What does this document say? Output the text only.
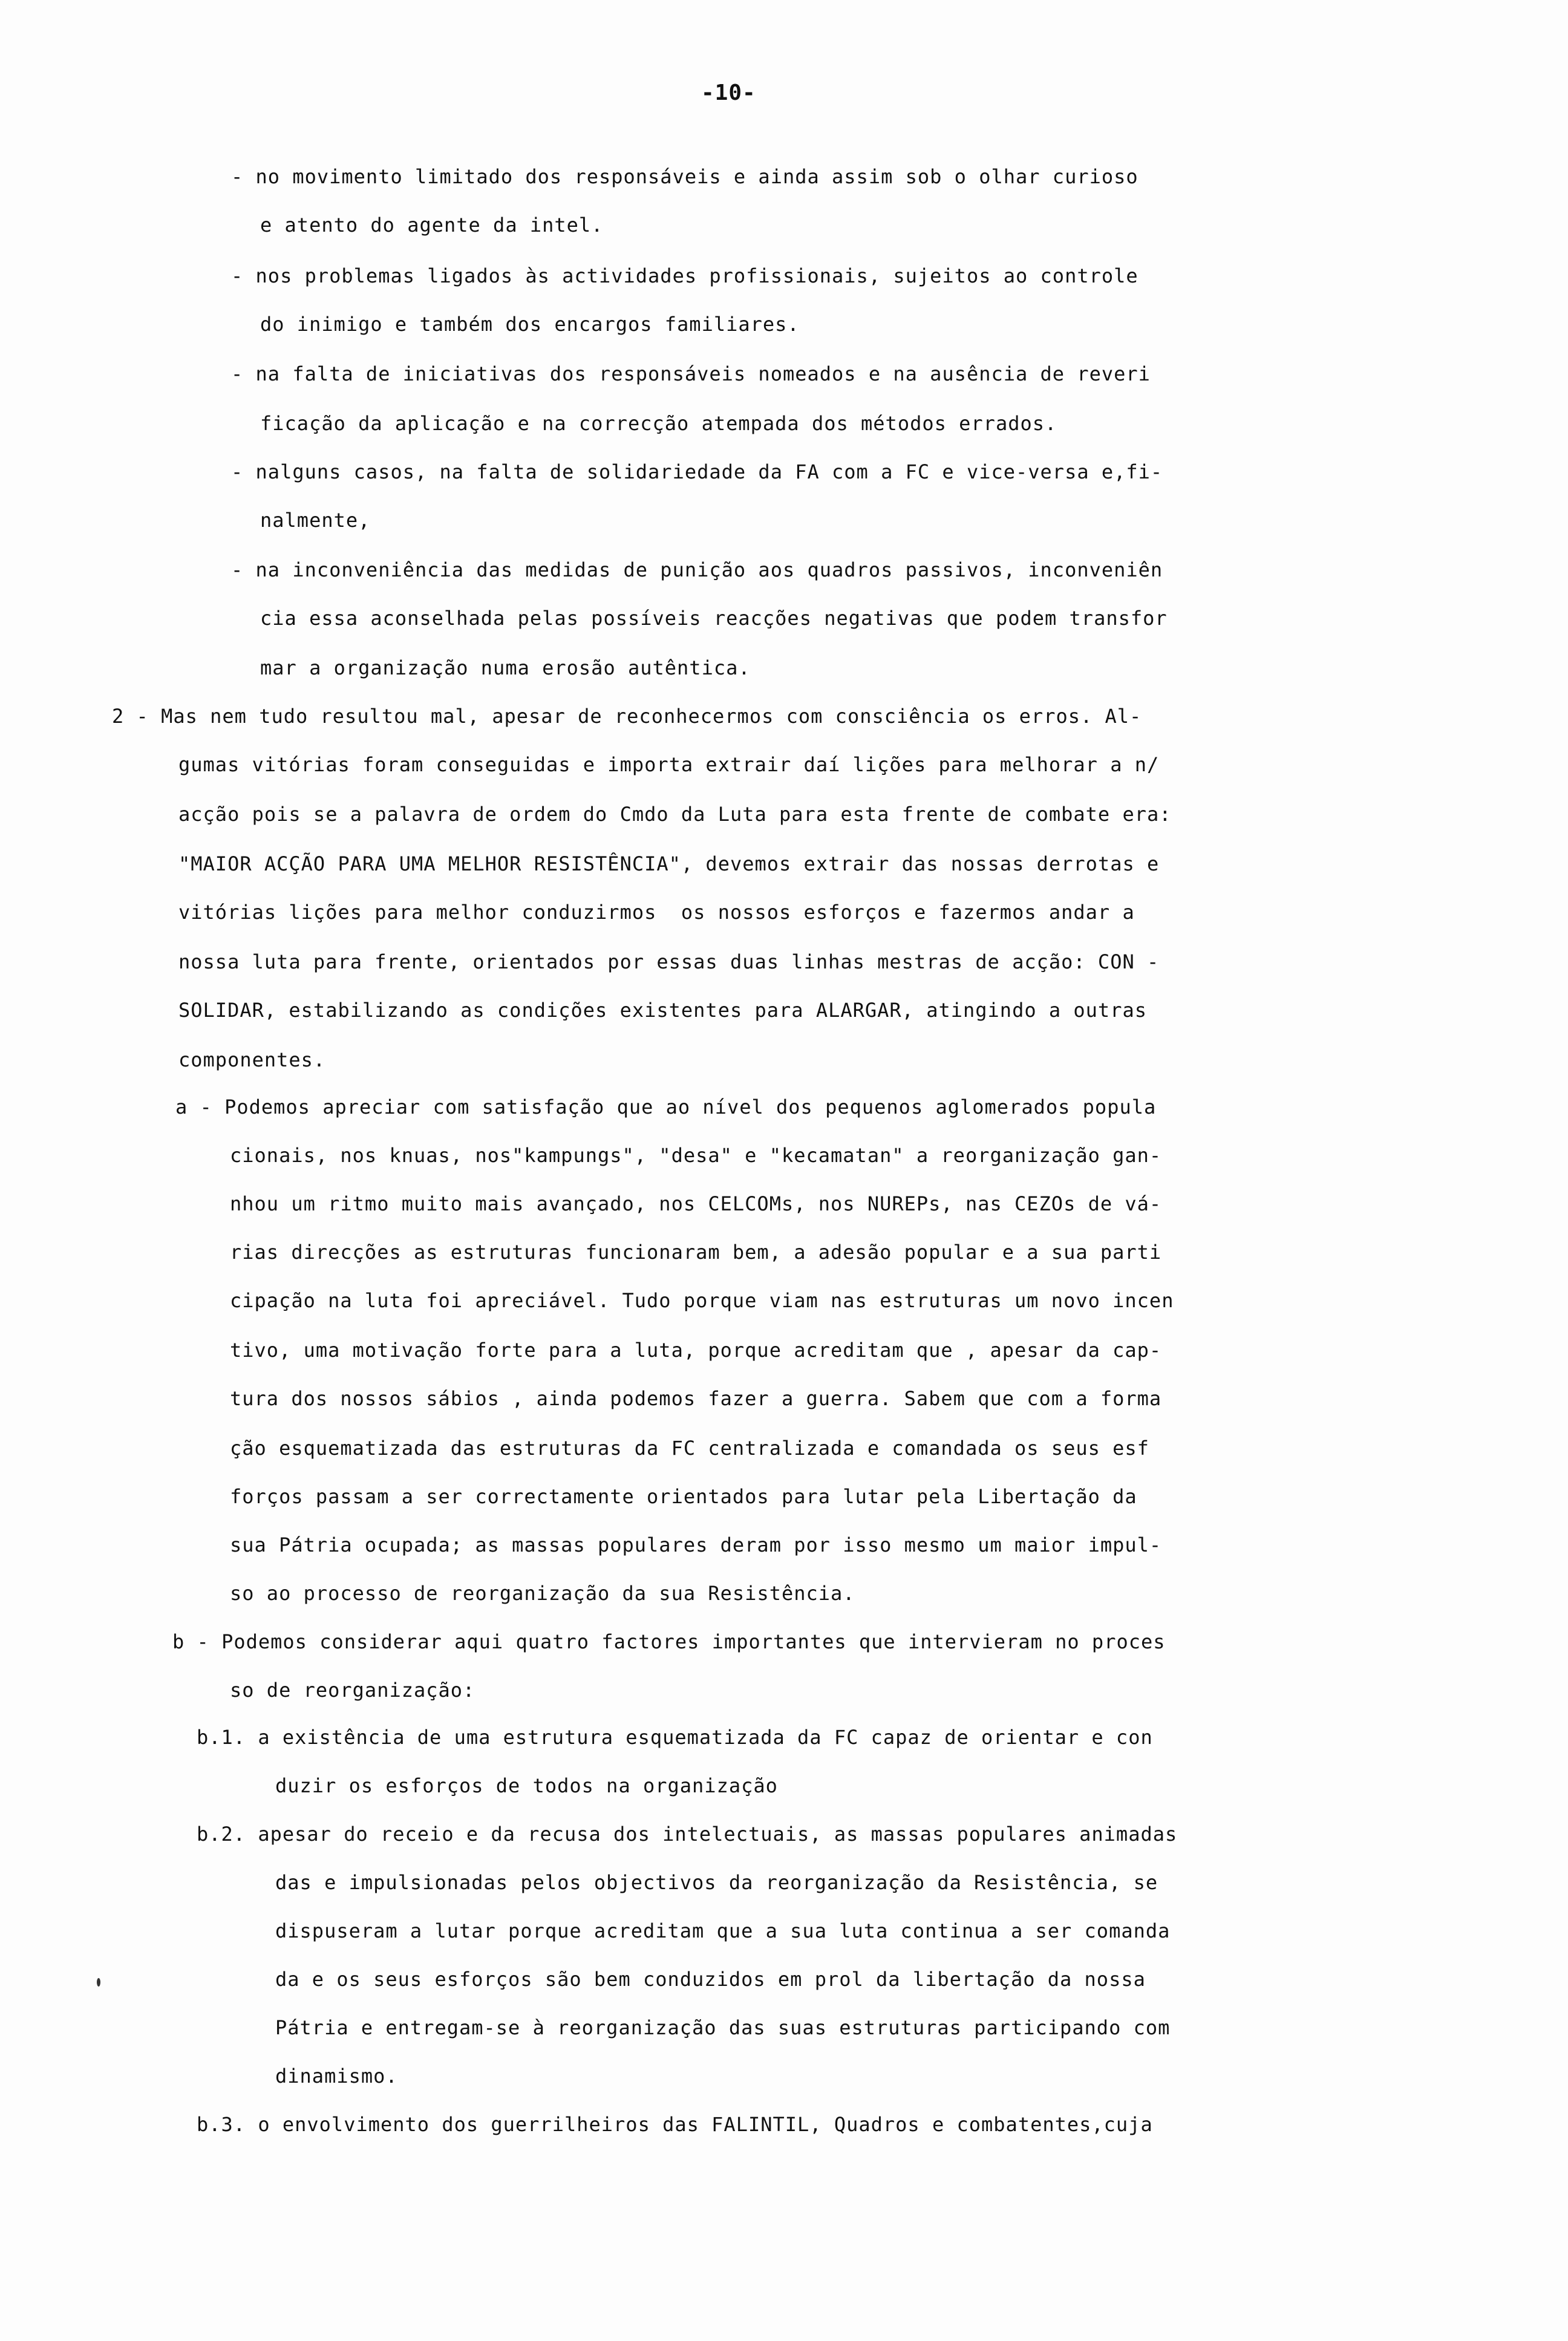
-10-

- no movimento limitado dos responsáveis e ainda assim sob o olhar curioso

e atento do agente da intel.

- nos problemas ligados às actividades profissionais, sujeitos ao controle

do inimigo e também dos encargos familiares.

- na falta de iniciativas dos responsáveis nomeados e na ausência de reveri

ficação da aplicação e na correcção atempada dos métodos errados.

- nalguns casos, na falta de solidariedade da FA com a FC e vice-versa e,fi-

nalmente,

- na inconveniência das medidas de punição aos quadros passivos, inconveniên

cia essa aconselhada pelas possíveis reacções negativas que podem transfor

mar a organização numa erosão autêntica.

2 - Mas nem tudo resultou mal, apesar de reconhecermos com consciência os erros. Al-

gumas vitórias foram conseguidas e importa extrair daí lições para melhorar a n/

acção pois se a palavra de ordem do Cmdo da Luta para esta frente de combate era:

"MAIOR ACÇÃO PARA UMA MELHOR RESISTÊNCIA", devemos extrair das nossas derrotas e

vitórias lições para melhor conduzirmos  os nossos esforços e fazermos andar a

nossa luta para frente, orientados por essas duas linhas mestras de acção: CON -

SOLIDAR, estabilizando as condições existentes para ALARGAR, atingindo a outras

componentes.

a - Podemos apreciar com satisfação que ao nível dos pequenos aglomerados popula

cionais, nos knuas, nos"kampungs", "desa" e "kecamatan" a reorganização gan-

nhou um ritmo muito mais avançado, nos CELCOMs, nos NUREPs, nas CEZOs de vá-

rias direcções as estruturas funcionaram bem, a adesão popular e a sua parti

cipação na luta foi apreciável. Tudo porque viam nas estruturas um novo incen

tivo, uma motivação forte para a luta, porque acreditam que , apesar da cap-

tura dos nossos sábios , ainda podemos fazer a guerra. Sabem que com a forma

ção esquematizada das estruturas da FC centralizada e comandada os seus esf

forços passam a ser correctamente orientados para lutar pela Libertação da

sua Pátria ocupada; as massas populares deram por isso mesmo um maior impul-

so ao processo de reorganização da sua Resistência.

b - Podemos considerar aqui quatro factores importantes que intervieram no proces

so de reorganização:

b.1. a existência de uma estrutura esquematizada da FC capaz de orientar e con

duzir os esforços de todos na organização

b.2. apesar do receio e da recusa dos intelectuais, as massas populares animadas

das e impulsionadas pelos objectivos da reorganização da Resistência, se

dispuseram a lutar porque acreditam que a sua luta continua a ser comanda

da e os seus esforços são bem conduzidos em prol da libertação da nossa

Pátria e entregam-se à reorganização das suas estruturas participando com

dinamismo.

b.3. o envolvimento dos guerrilheiros das FALINTIL, Quadros e combatentes,cuja
